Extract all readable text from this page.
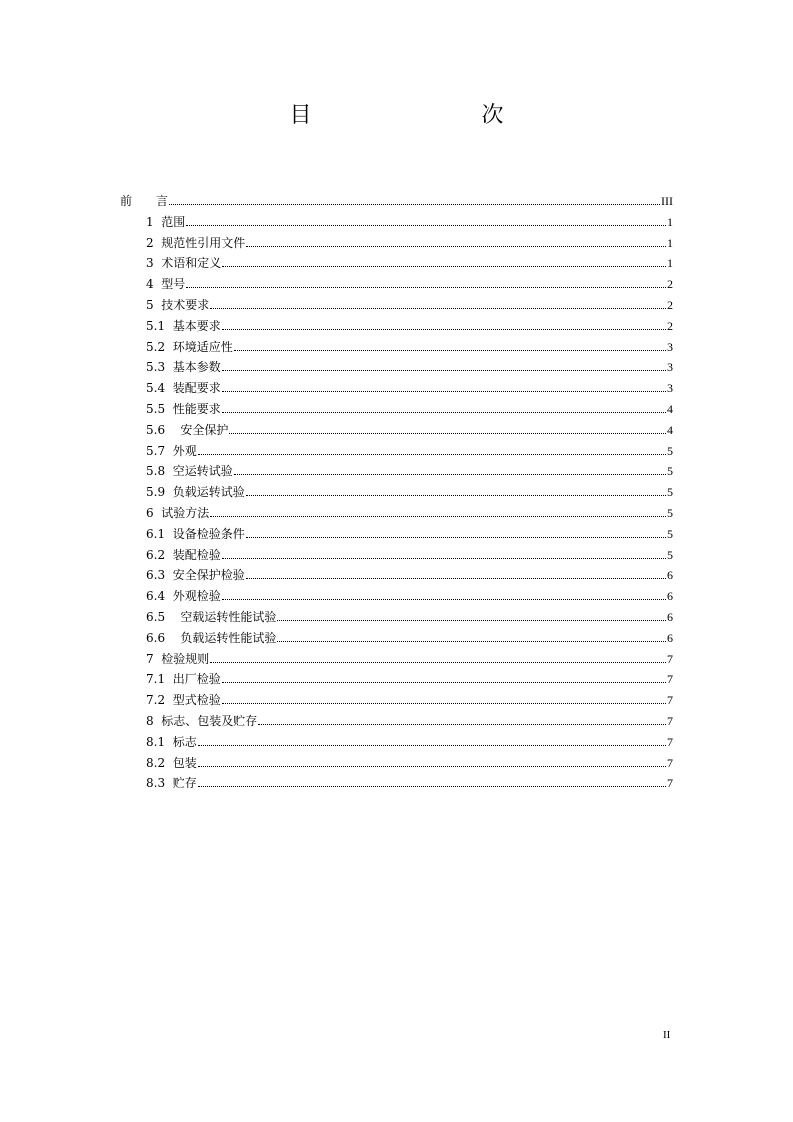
目　　次
前　　言	III
1  范围	1
2  规范性引用文件	1
3  术语和定义	1
4  型号	2
5  技术要求	2
5.1  基本要求	2
5.2  环境适应性	3
5.3  基本参数	3
5.4  装配要求	3
5.5  性能要求	4
5.6    安全保护	4
5.7  外观	5
5.8  空运转试验	5
5.9  负载运转试验	5
6  试验方法	5
6.1  设备检验条件	5
6.2  装配检验	5
6.3  安全保护检验	6
6.4  外观检验	6
6.5    空载运转性能试验	6
6.6    负载运转性能试验	6
7  检验规则	7
7.1  出厂检验	7
7.2  型式检验	7
8  标志、包装及贮存	7
8.1  标志	7
8.2  包装	7
8.3  贮存	7
II
